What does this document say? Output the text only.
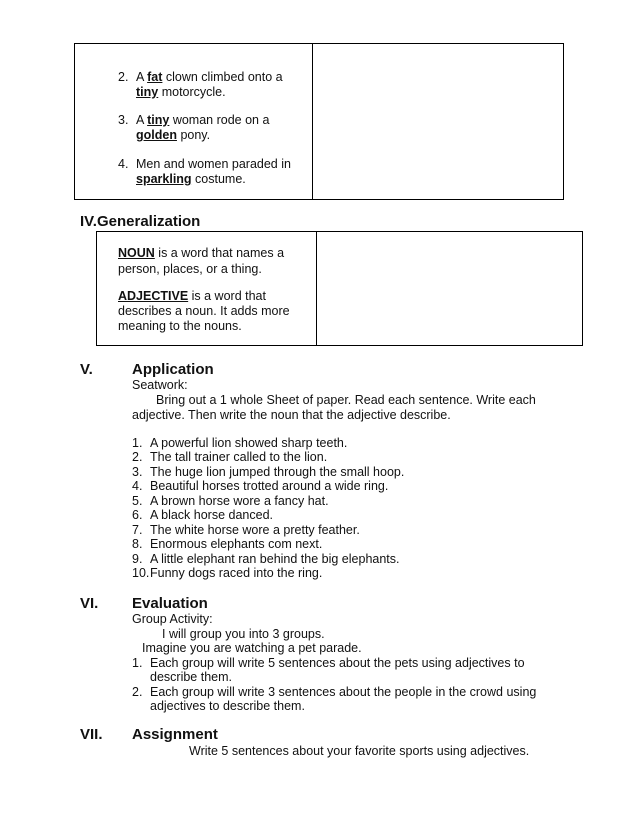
2. A fat clown climbed onto a
tiny motorcycle.
3. A tiny woman rode on a
golden pony.
4. Men and women paraded in
sparkling costume.
IV.Generalization
NOUN is a word that names a
person, places, or a thing.
ADJECTIVE is a word that
describes a noun. It adds more
meaning to the nouns.
V.	Application
Seatwork:
Bring out a 1 whole Sheet of paper. Read each sentence. Write each
adjective. Then write the noun that the adjective describe.
1. A powerful lion showed sharp teeth.
2. The tall trainer called to the lion.
3. The huge lion jumped through the small hoop.
4. Beautiful horses trotted around a wide ring.
5. A brown horse wore a fancy hat.
6. A black horse danced.
7. The white horse wore a pretty feather.
8. Enormous elephants com next.
9. A little elephant ran behind the big elephants.
10. Funny dogs raced into the ring.
VI. Evaluation
Group Activity:
I will group you into 3 groups.
Imagine you are watching a pet parade.
1. Each group will write 5 sentences about the pets using adjectives to
describe them.
2. Each group will write 3 sentences about the people in the crowd using
adjectives to describe them.
VII. Assignment
Write 5 sentences about your favorite sports using adjectives.
